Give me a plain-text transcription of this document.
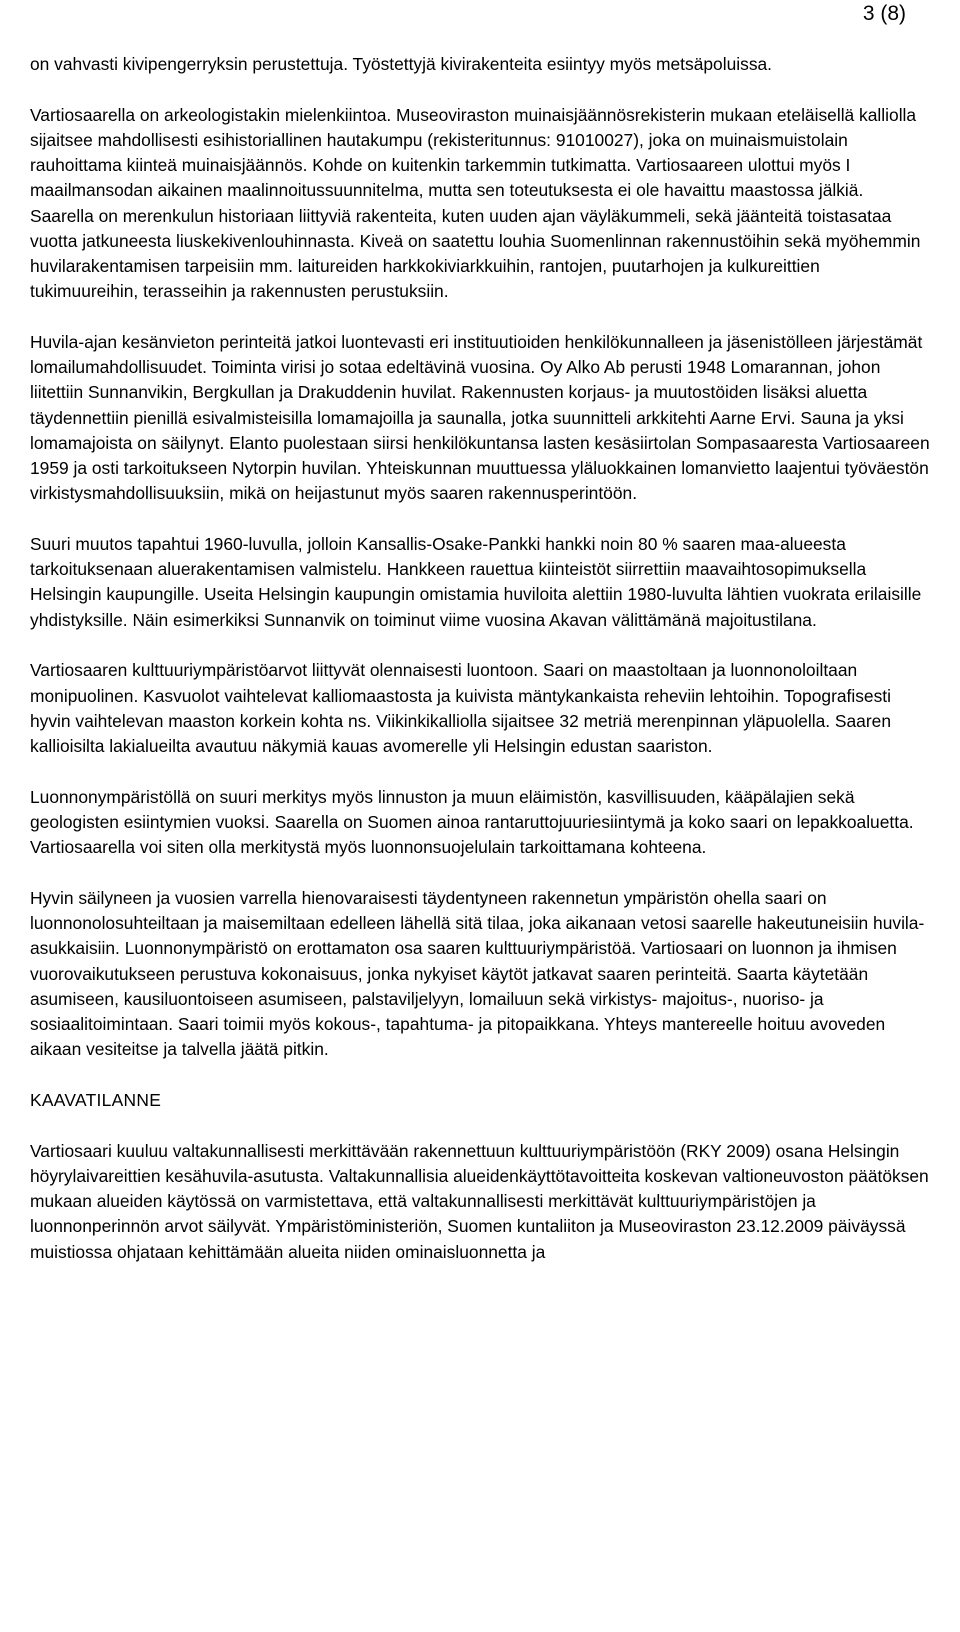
3 (8)

on vahvasti kivipengerryksin perustettuja. Työstettyjä kivirakenteita esiintyy myös metsäpoluissa.

Vartiosaarella on arkeologistakin mielenkiintoa. Museoviraston muinaisjäännösrekisterin mukaan eteläisellä kalliolla sijaitsee mahdollisesti esihistoriallinen hautakumpu (rekisteritunnus: 91010027), joka on muinaismuistolain rauhoittama kiinteä muinaisjäännös. Kohde on kuitenkin tarkemmin tutkimatta. Vartiosaareen ulottui myös I maailmansodan aikainen maalinnoitussuunnitelma, mutta sen toteutuksesta ei ole havaittu maastossa jälkiä. Saarella on merenkulun historiaan liittyviä rakenteita, kuten uuden ajan väyläkummeli, sekä jäänteitä toistasataa vuotta jatkuneesta liuskekivenlouhinnasta. Kiveä on saatettu louhia Suomenlinnan rakennustöihin sekä myöhemmin huvilarakentamisen tarpeisiin mm. laitureiden harkkokiviarkkuihin, rantojen, puutarhojen ja kulkureittien tukimuureihin, terasseihin ja rakennusten perustuksiin.

Huvila-ajan kesänvieton perinteitä jatkoi luontevasti eri instituutioiden henkilökunnalleen ja jäsenistölleen järjestämät lomailumahdollisuudet. Toiminta virisi jo sotaa edeltävinä vuosina. Oy Alko Ab perusti 1948 Lomarannan, johon liitettiin Sunnanvikin, Bergkullan ja Drakuddenin huvilat. Rakennusten korjaus- ja muutostöiden lisäksi aluetta täydennettiin pienillä esivalmisteisilla lomamajoilla ja saunalla, jotka suunnitteli arkkitehti Aarne Ervi. Sauna ja yksi lomamajoista on säilynyt. Elanto puolestaan siirsi henkilökuntansa lasten kesäsiirtolan Sompasaaresta Vartiosaareen 1959 ja osti tarkoitukseen Nytorpin huvilan. Yhteiskunnan muuttuessa yläluokkainen lomanvietto laajentui työväestön virkistysmahdollisuuksiin, mikä on heijastunut myös saaren rakennusperintöön.

Suuri muutos tapahtui 1960-luvulla, jolloin Kansallis-Osake-Pankki hankki noin 80 % saaren maa-alueesta tarkoituksenaan aluerakentamisen valmistelu. Hankkeen rauettua kiinteistöt siirrettiin maavaihtosopimuksella Helsingin kaupungille. Useita Helsingin kaupungin omistamia huviloita alettiin 1980-luvulta lähtien vuokrata erilaisille yhdistyksille. Näin esimerkiksi Sunnanvik on toiminut viime vuosina Akavan välittämänä majoitustilana.

Vartiosaaren kulttuuriympäristöarvot liittyvät olennaisesti luontoon. Saari on maastoltaan ja luonnonoloiltaan monipuolinen. Kasvuolot vaihtelevat kalliomaastosta ja kuivista mäntykankaista reheviin lehtoihin. Topografisesti hyvin vaihtelevan maaston korkein kohta ns. Viikinkikalliolla sijaitsee 32 metriä merenpinnan yläpuolella. Saaren kallioisilta lakialueilta avautuu näkymiä kauas avomerelle yli Helsingin edustan saariston.

Luonnonympäristöllä on suuri merkitys myös linnuston ja muun eläimistön, kasvillisuuden, kääpälajien sekä geologisten esiintymien vuoksi. Saarella on Suomen ainoa rantaruttojuuriesiintymä ja koko saari on lepakkoaluetta. Vartiosaarella voi siten olla merkitystä myös luonnonsuojelulain tarkoittamana kohteena.

Hyvin säilyneen ja vuosien varrella hienovaraisesti täydentyneen rakennetun ympäristön ohella saari on luonnonolosuhteiltaan ja maisemiltaan edelleen lähellä sitä tilaa, joka aikanaan vetosi saarelle hakeutuneisiin huvila-asukkaisiin. Luonnonympäristö on erottamaton osa saaren kulttuuriympäristöä. Vartiosaari on luonnon ja ihmisen vuorovaikutukseen perustuva kokonaisuus, jonka nykyiset käytöt jatkavat saaren perinteitä. Saarta käytetään asumiseen, kausiluontoiseen asumiseen, palstaviljelyyn, lomailuun sekä virkistys- majoitus-, nuoriso- ja sosiaalitoimintaan. Saari toimii myös kokous-, tapahtuma- ja pitopaikkana. Yhteys mantereelle hoituu avoveden aikaan vesiteitse ja talvella jäätä pitkin.

KAAVATILANNE

Vartiosaari kuuluu valtakunnallisesti merkittävään rakennettuun kulttuuriympäristöön (RKY 2009) osana Helsingin höyrylaivareittien kesähuvila-asutusta. Valtakunnallisia alueidenkäyttötavoitteita koskevan valtioneuvoston päätöksen mukaan alueiden käytössä on varmistettava, että valtakunnallisesti merkittävät kulttuuriympäristöjen ja luonnonperinnön arvot säilyvät. Ympäristöministeriön, Suomen kuntaliiton ja Museoviraston 23.12.2009 päiväyssä muistiossa ohjataan kehittämään alueita niiden ominaisluonnetta ja
